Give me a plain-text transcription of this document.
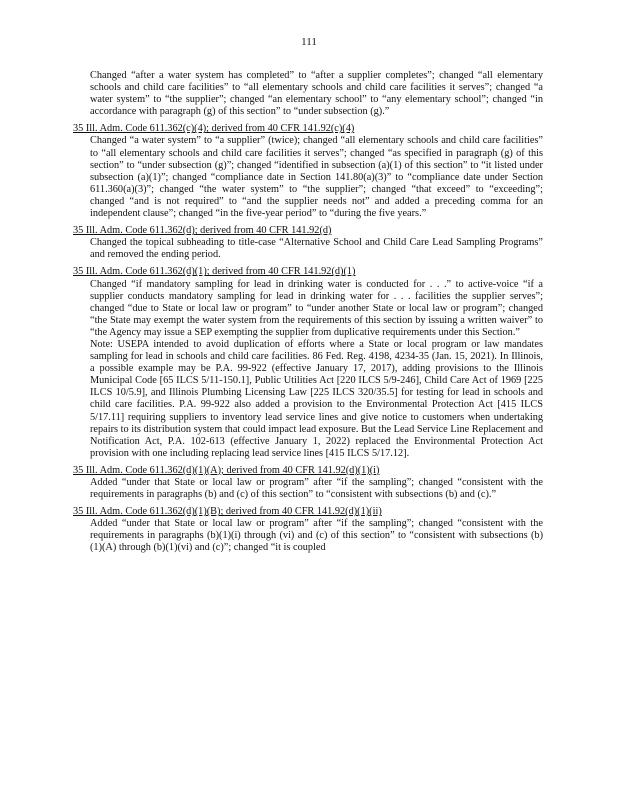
111
Changed “after a water system has completed” to “after a supplier completes”; changed “all elementary schools and child care facilities” to “all elementary schools and child care facilities it serves”; changed “a water system” to “the supplier”; changed “an elementary school” to “any elementary school”; changed “in accordance with paragraph (g) of this section” to “under subsection (g).”
35 Ill. Adm. Code 611.362(c)(4); derived from 40 CFR 141.92(c)(4)
Changed “a water system” to “a supplier” (twice); changed “all elementary schools and child care facilities” to “all elementary schools and child care facilities it serves”; changed “as specified in paragraph (g) of this section” to “under subsection (g)”; changed “identified in subsection (a)(1) of this section” to “it listed under subsection (a)(1)”; changed “compliance date in Section 141.80(a)(3)” to “compliance date under Section 611.360(a)(3)”; changed “the water system” to “the supplier”; changed “that exceed” to “exceeding”; changed “and is not required” to “and the supplier needs not” and added a preceding comma for an independent clause”; changed “in the five-year period” to “during the five years.”
35 Ill. Adm. Code 611.362(d); derived from 40 CFR 141.92(d)
Changed the topical subheading to title-case “Alternative School and Child Care Lead Sampling Programs” and removed the ending period.
35 Ill. Adm. Code 611.362(d)(1); derived from 40 CFR 141.92(d)(1)
Changed “if mandatory sampling for lead in drinking water is conducted for . . .” to active-voice “if a supplier conducts mandatory sampling for lead in drinking water for . . . facilities the supplier serves”; changed “due to State or local law or program” to “under another State or local law or program”; changed “the State may exempt the water system from the requirements of this section by issuing a written waiver” to “the Agency may issue a SEP exempting the supplier from duplicative requirements under this Section.”
Note: USEPA intended to avoid duplication of efforts where a State or local program or law mandates sampling for lead in schools and child care facilities. 86 Fed. Reg. 4198, 4234-35 (Jan. 15, 2021). In Illinois, a possible example may be P.A. 99-922 (effective January 17, 2017), adding provisions to the Illinois Municipal Code [65 ILCS 5/11-150.1], Public Utilities Act [220 ILCS 5/9-246], Child Care Act of 1969 [225 ILCS 10/5.9], and Illinois Plumbing Licensing Law [225 ILCS 320/35.5] for testing for lead in schools and child care facilities. P.A. 99-922 also added a provision to the Environmental Protection Act [415 ILCS 5/17.11] requiring suppliers to inventory lead service lines and give notice to customers when undertaking repairs to its distribution system that could impact lead exposure. But the Lead Service Line Replacement and Notification Act, P.A. 102-613 (effective January 1, 2022) replaced the Environmental Protection Act provision with one including replacing lead service lines [415 ILCS 5/17.12].
35 Ill. Adm. Code 611.362(d)(1)(A); derived from 40 CFR 141.92(d)(1)(i)
Added “under that State or local law or program” after “if the sampling”; changed “consistent with the requirements in paragraphs (b) and (c) of this section” to “consistent with subsections (b) and (c).”
35 Ill. Adm. Code 611.362(d)(1)(B); derived from 40 CFR 141.92(d)(1)(ii)
Added “under that State or local law or program” after “if the sampling”; changed “consistent with the requirements in paragraphs (b)(1)(i) through (vi) and (c) of this section” to “consistent with subsections (b)(1)(A) through (b)(1)(vi) and (c)”; changed “it is coupled
